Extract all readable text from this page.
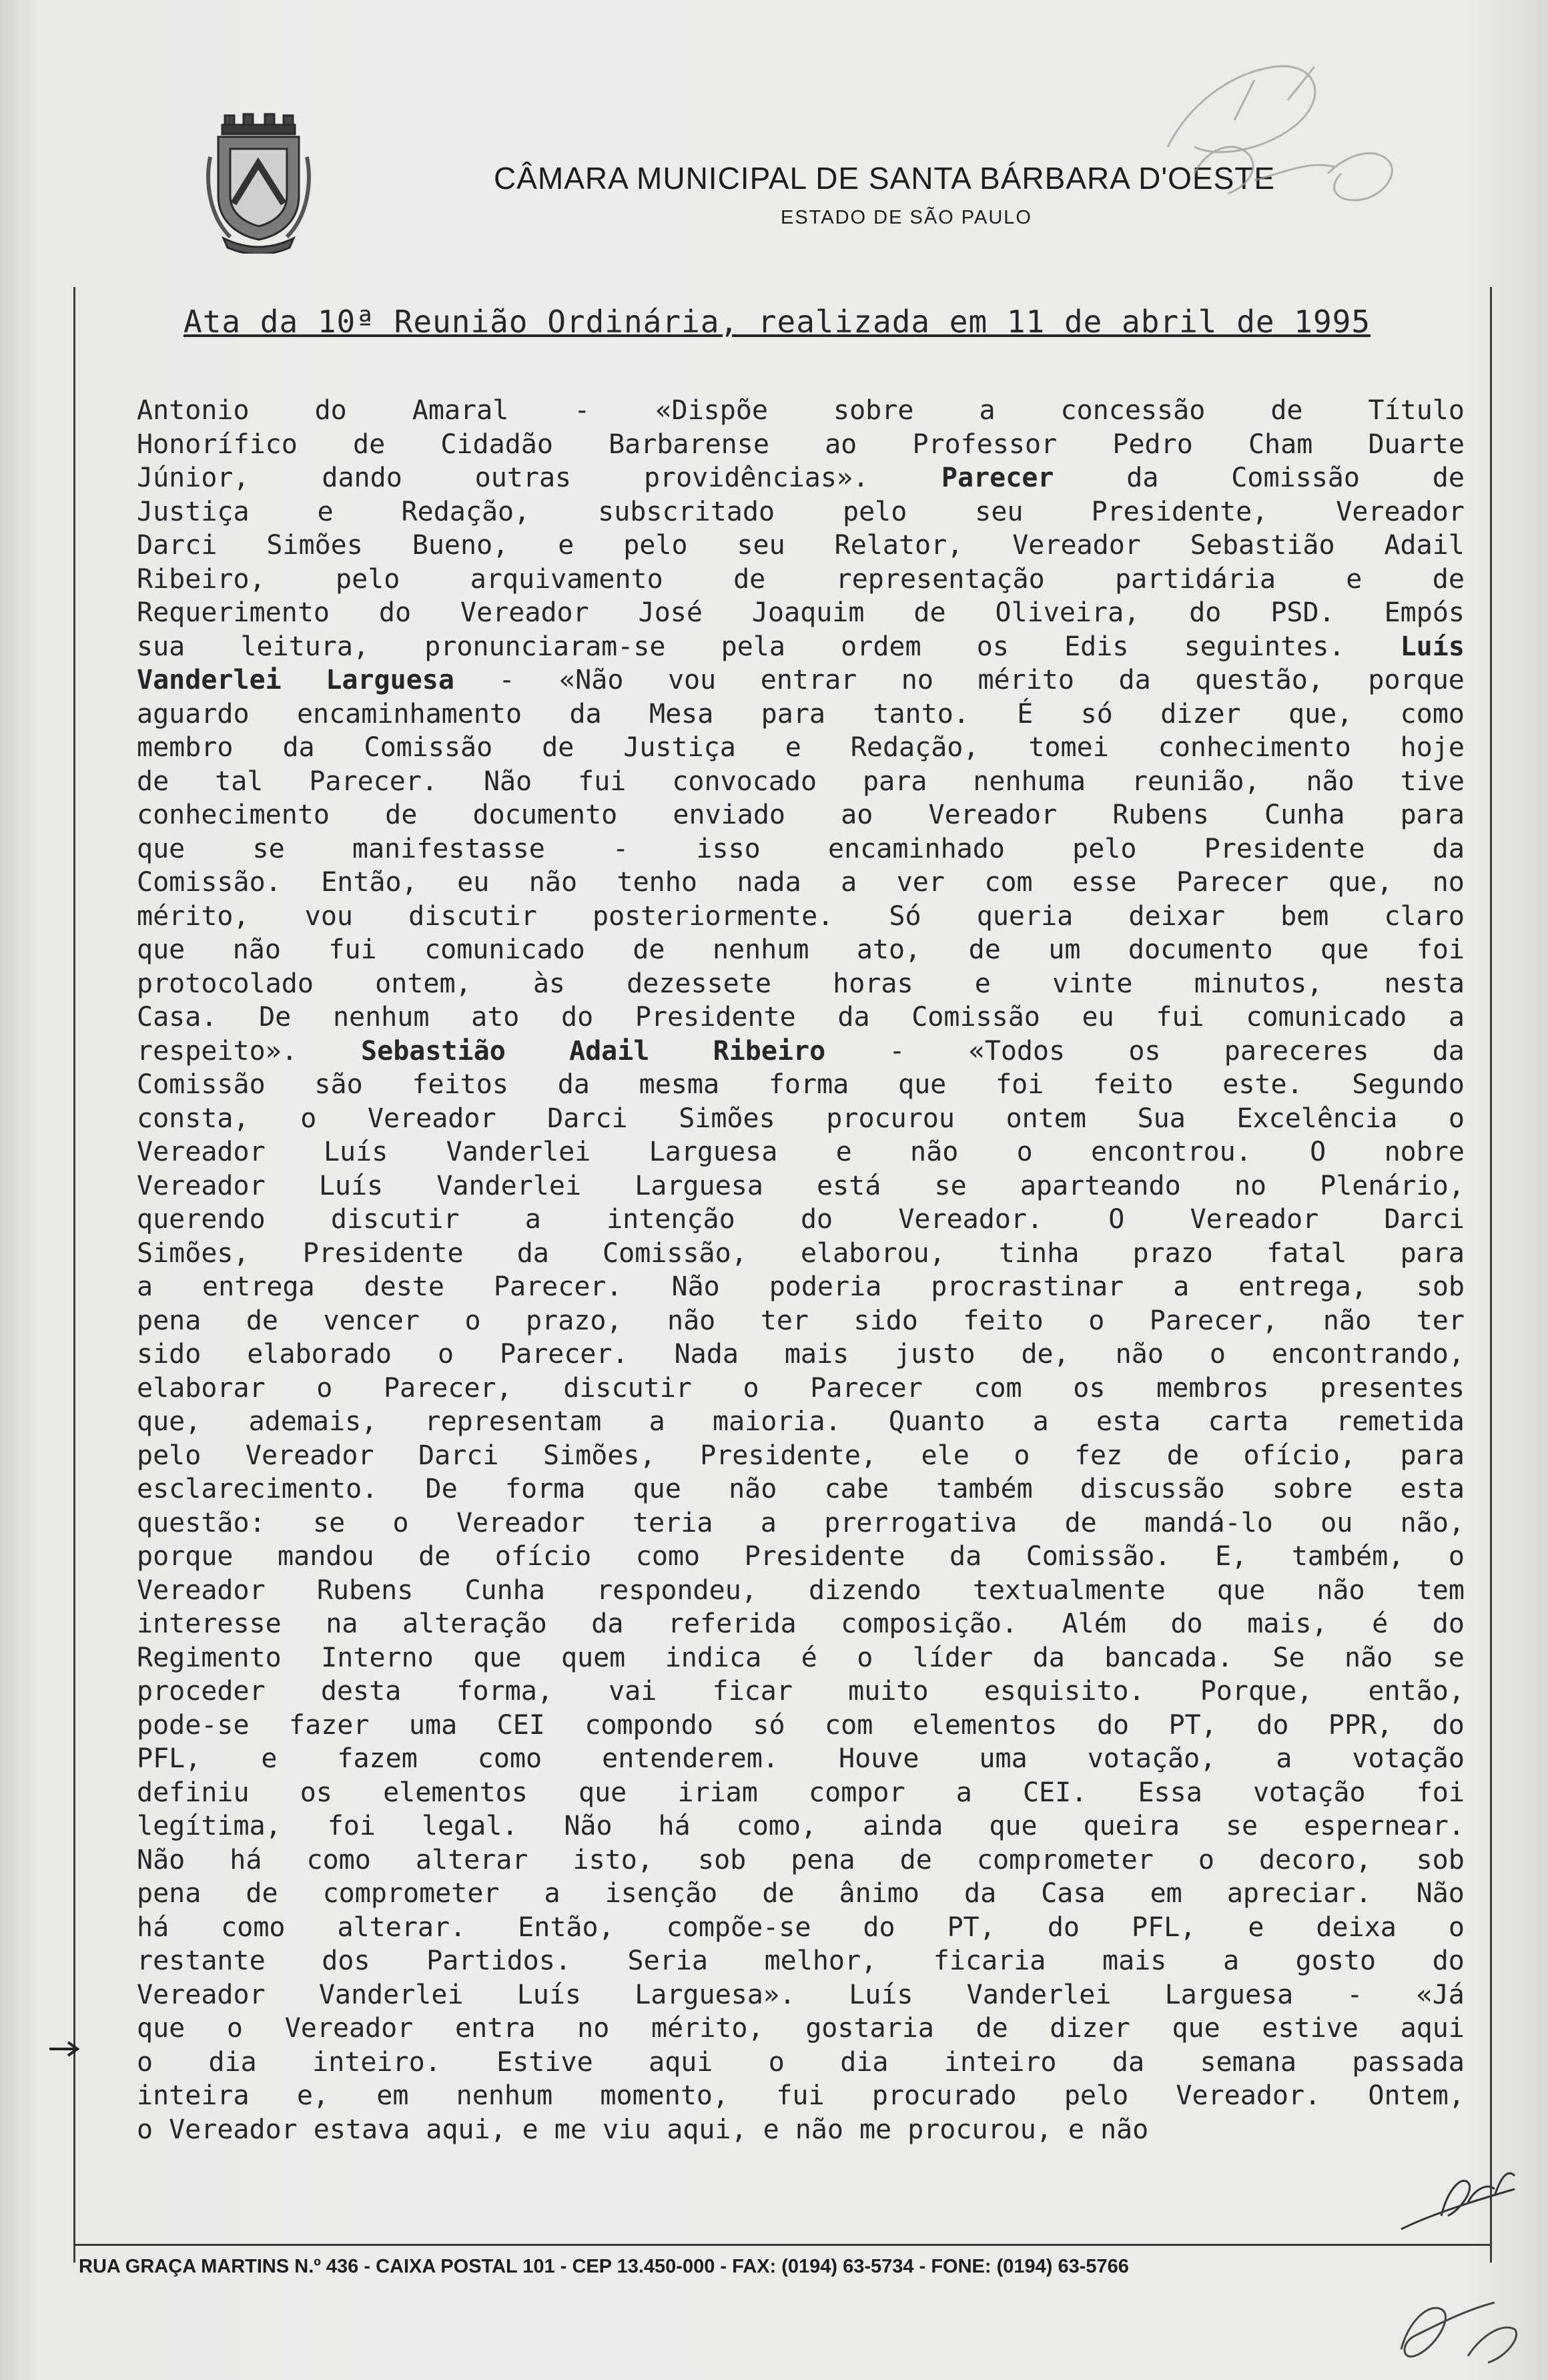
CÂMARA MUNICIPAL DE SANTA BÁRBARA D'OESTE
ESTADO DE SÃO PAULO
Ata da 10ª Reunião Ordinária, realizada em 11 de abril de 1995
Antonio do Amaral - «Dispõe sobre a concessão de Título
Honorífico de Cidadão Barbarense ao Professor Pedro Cham Duarte
Júnior,	dando	outras	providências».	Parecer	da	Comissão	de
Justiça	e	Redação,	subscritado	pelo	seu	Presidente,	Vereador
Darci Simões Bueno, e pelo seu Relator, Vereador Sebastião Adail
Ribeiro,	pelo	arquivamento	de	representação	partidária	e	de
Requerimento do Vereador José Joaquim de Oliveira, do PSD. Empós
sua leitura, pronunciaram-se pela ordem os Edis seguintes. Luís
Vanderlei Larguesa - «Não vou entrar no mérito da questão, porque
aguardo encaminhamento da Mesa para tanto. É só dizer que, como
membro da Comissão de Justiça e Redação, tomei conhecimento hoje
de tal Parecer. Não fui convocado para nenhuma reunião, não tive
conhecimento de documento enviado ao Vereador Rubens Cunha para
que	se	manifestasse	-	isso	encaminhado	pelo	Presidente	da
Comissão. Então, eu não tenho nada a ver com esse Parecer que, no
mérito, vou discutir posteriormente. Só queria deixar bem claro
que não fui comunicado de nenhum ato, de um documento que foi
protocolado ontem, às dezessete horas e vinte minutos, nesta
Casa. De nenhum ato do Presidente da Comissão eu fui comunicado a
respeito». Sebastião Adail Ribeiro - «Todos os pareceres da
Comissão são feitos da mesma forma que foi feito este. Segundo
consta, o Vereador Darci Simões procurou ontem Sua Excelência o
Vereador Luís Vanderlei Larguesa e não o encontrou. O nobre
Vereador Luís Vanderlei Larguesa está se aparteando no Plenário,
querendo discutir a intenção do Vereador. O Vereador Darci
Simões, Presidente da Comissão, elaborou, tinha prazo fatal para
a entrega deste Parecer. Não poderia procrastinar a entrega, sob
pena de vencer o prazo, não ter sido feito o Parecer, não ter
sido elaborado o Parecer. Nada mais justo de, não o encontrando,
elaborar o Parecer, discutir o Parecer com os membros presentes
que, ademais, representam a maioria. Quanto a esta carta remetida
pelo Vereador Darci Simões, Presidente, ele o fez de ofício, para
esclarecimento. De forma que não cabe também discussão sobre esta
questão: se o Vereador teria a prerrogativa de mandá-lo ou não,
porque mandou de ofício como Presidente da Comissão. E, também, o
Vereador Rubens Cunha respondeu, dizendo textualmente que não tem
interesse na alteração da referida composição. Além do mais, é do
Regimento Interno que quem indica é o líder da bancada. Se não se
proceder desta forma, vai ficar muito esquisito. Porque, então,
pode-se fazer uma CEI compondo só com elementos do PT, do PPR, do
PFL, e fazem como entenderem. Houve uma votação, a votação
definiu os elementos que iriam compor a CEI. Essa votação foi
legítima, foi legal. Não há como, ainda que queira se espernear.
Não há como alterar isto, sob pena de comprometer o decoro, sob
pena de comprometer a isenção de ânimo da Casa em apreciar. Não
há como alterar. Então, compõe-se do PT, do PFL, e deixa o
restante dos Partidos. Seria melhor, ficaria mais a gosto do
Vereador Vanderlei Luís Larguesa». Luís Vanderlei Larguesa - «Já
que o Vereador entra no mérito, gostaria de dizer que estive aqui
o dia inteiro. Estive aqui o dia inteiro da semana passada
inteira e, em nenhum momento, fui procurado pelo Vereador. Ontem,
o Vereador estava aqui, e me viu aqui, e não me procurou, e não
RUA GRAÇA MARTINS N.º 436 - CAIXA POSTAL 101 - CEP 13.450-000 - FAX: (0194) 63-5734 - FONE: (0194) 63-5766
